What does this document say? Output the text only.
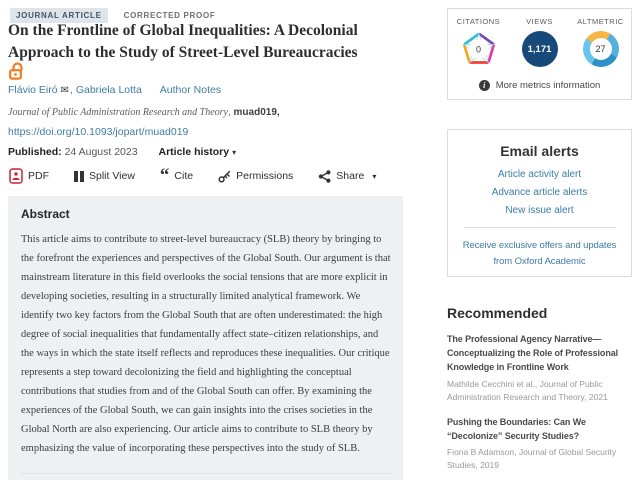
JOURNAL ARTICLE	CORRECTED PROOF
On the Frontline of Global Inequalities: A Decolonial
Approach to the Study of Street-Level Bureaucracies
Flávio Eiró ✉, Gabriela Lotta Author Notes
Journal of Public Administration Research and Theory, muad019,
https://doi.org/10.1093/jopart/muad019
Published: 24 August 2023 Article history ▾
PDF	Split View “ Cite	Permissions	Share ▾
Abstract
This article aims to contribute to street-level bureaucracy (SLB) theory by bringing to the forefront the experiences and perspectives of the Global South. Our argument is that mainstream literature in this field overlooks the social tensions that are more explicit in developing societies, resulting in a structurally limited analytical framework. We identify two key factors from the Global South that are often underestimated: the high degree of social inequalities that fundamentally affect state–citizen relationships, and the ways in which the state itself reflects and reproduces these inequalities. Our critique represents a step toward decolonizing the field and highlighting the conceptual contributions that studies from and of the Global South can offer. By examining the experiences of the Global South, we can gain insights into the crises societies in the Global North are also experiencing. Our article aims to contribute to SLB theory by emphasizing the value of incorporating these perspectives into the study of SLB.
CITATIONS
0
VIEWS
1,171
ALTMETRIC
27
i	More metrics information
Email alerts
Article activity alert
Advance article alerts
New issue alert
Receive exclusive offers and updates from Oxford Academic
Recommended
The Professional Agency Narrative—Conceptualizing the Role of Professional Knowledge in Frontline Work
Mathilde Cecchini et al., Journal of Public Administration Research and Theory, 2021
Pushing the Boundaries: Can We “Decolonize” Security Studies?
Fiona B Adamson, Journal of Global Security Studies, 2019
